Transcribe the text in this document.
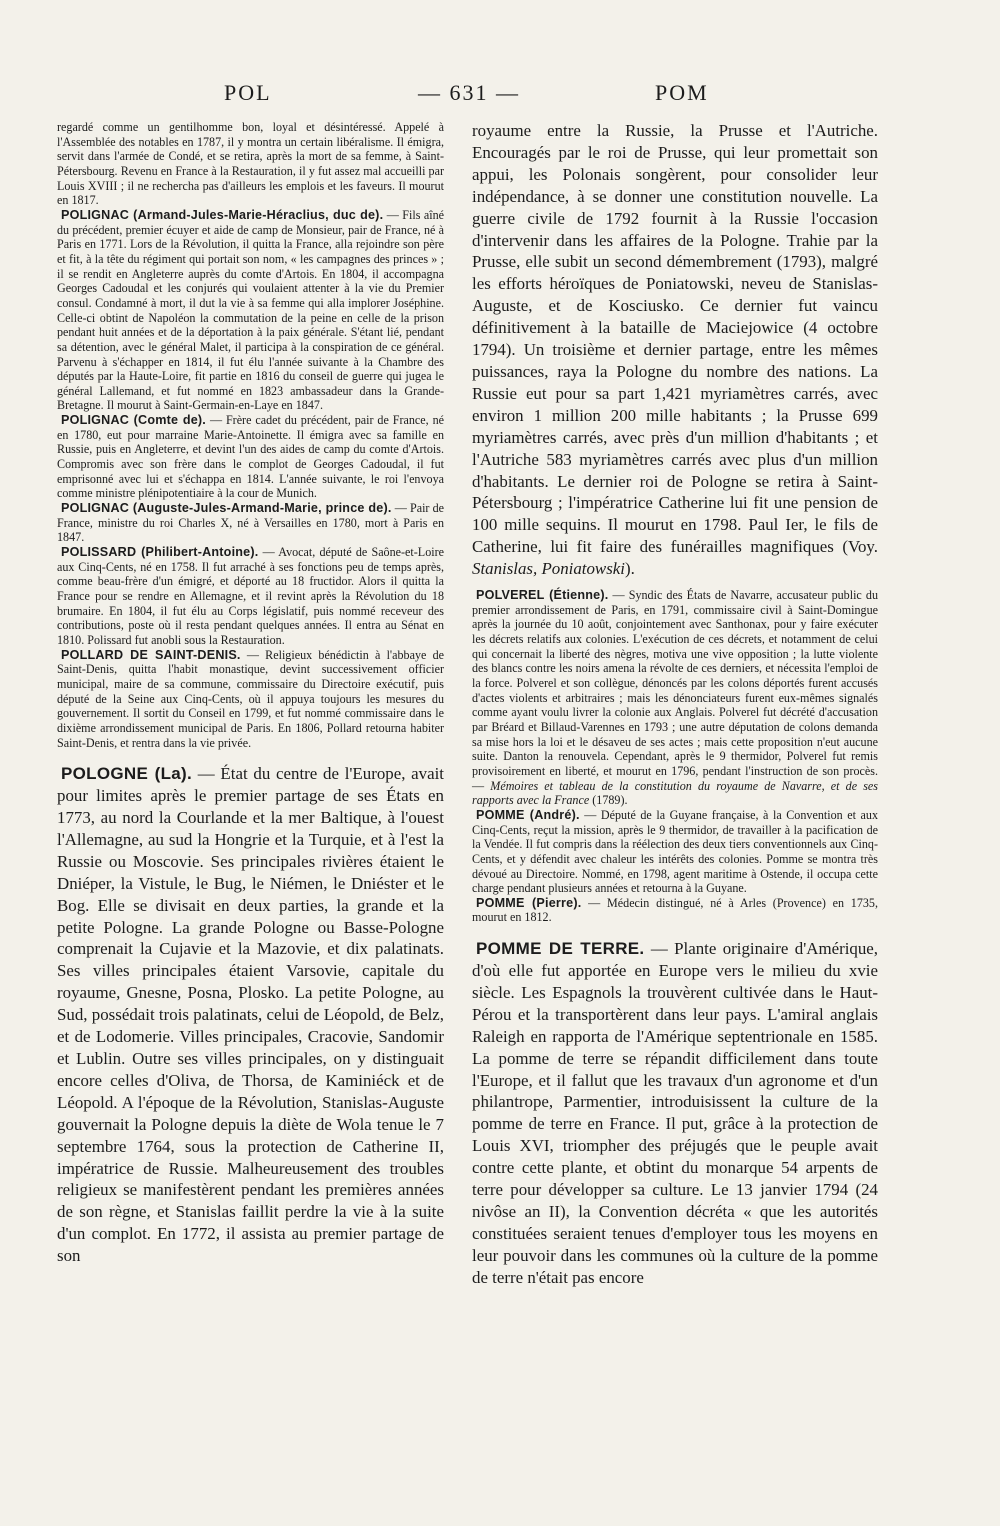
POL	— 631 —	POM

regardé comme un gentilhomme bon, loyal et désintéressé. Appelé à l'Assemblée des notables en 1787, il y montra un certain libéralisme. Il émigra, servit dans l'armée de Condé, et se retira, après la mort de sa femme, à Saint-Pétersbourg. Revenu en France à la Restauration, il y fut assez mal accueilli par Louis XVIII ; il ne rechercha pas d'ailleurs les emplois et les faveurs. Il mourut en 1817.

POLIGNAC (Armand-Jules-Marie-Héraclius, duc de). — Fils aîné du précédent, premier écuyer et aide de camp de Monsieur, pair de France, né à Paris en 1771. Lors de la Révolution, il quitta la France, alla rejoindre son père et fit, à la tête du régiment qui portait son nom, « les campagnes des princes » ; il se rendit en Angleterre auprès du comte d'Artois. En 1804, il accompagna Georges Cadoudal et les conjurés qui voulaient attenter à la vie du Premier consul. Condamné à mort, il dut la vie à sa femme qui alla implorer Joséphine. Celle-ci obtint de Napoléon la commutation de la peine en celle de la prison pendant huit années et de la déportation à la paix générale. S'étant lié, pendant sa détention, avec le général Malet, il participa à la conspiration de ce général. Parvenu à s'échapper en 1814, il fut élu l'année suivante à la Chambre des députés par la Haute-Loire, fit partie en 1816 du conseil de guerre qui jugea le général Lallemand, et fut nommé en 1823 ambassadeur dans la Grande-Bretagne. Il mourut à Saint-Germain-en-Laye en 1847.

POLIGNAC (Comte de). — Frère cadet du précédent, pair de France, né en 1780, eut pour marraine Marie-Antoinette. Il émigra avec sa famille en Russie, puis en Angleterre, et devint l'un des aides de camp du comte d'Artois. Compromis avec son frère dans le complot de Georges Cadoudal, il fut emprisonné avec lui et s'échappa en 1814. L'année suivante, le roi l'envoya comme ministre plénipotentiaire à la cour de Munich.

POLIGNAC (Auguste-Jules-Armand-Marie, prince de). — Pair de France, ministre du roi Charles X, né à Versailles en 1780, mort à Paris en 1847.

POLISSARD (Philibert-Antoine). — Avocat, député de Saône-et-Loire aux Cinq-Cents, né en 1758. Il fut arraché à ses fonctions peu de temps après, comme beau-frère d'un émigré, et déporté au 18 fructidor. Alors il quitta la France pour se rendre en Allemagne, et il revint après la Révolution du 18 brumaire. En 1804, il fut élu au Corps législatif, puis nommé receveur des contributions, poste où il resta pendant quelques années. Il entra au Sénat en 1810. Polissard fut anobli sous la Restauration.

POLLARD DE SAINT-DENIS. — Religieux bénédictin à l'abbaye de Saint-Denis, quitta l'habit monastique, devint successivement officier municipal, maire de sa commune, commissaire du Directoire exécutif, puis député de la Seine aux Cinq-Cents, où il appuya toujours les mesures du gouvernement. Il sortit du Conseil en 1799, et fut nommé commissaire dans le dixième arrondissement municipal de Paris. En 1806, Pollard retourna habiter Saint-Denis, et rentra dans la vie privée.

POLOGNE (La). — État du centre de l'Europe, avait pour limites après le premier partage de ses États en 1773, au nord la Courlande et la mer Baltique, à l'ouest l'Allemagne, au sud la Hongrie et la Turquie, et à l'est la Russie ou Moscovie. Ses principales rivières étaient le Dniéper, la Vistule, le Bug, le Niémen, le Dniéster et le Bog. Elle se divisait en deux parties, la grande et la petite Pologne. La grande Pologne ou Basse-Pologne comprenait la Cujavie et la Mazovie, et dix palatinats. Ses villes principales étaient Varsovie, capitale du royaume, Gnesne, Posna, Plosko. La petite Pologne, au Sud, possédait trois palatinats, celui de Léopold, de Belz, et de Lodomerie. Villes principales, Cracovie, Sandomir et Lublin. Outre ses villes principales, on y distinguait encore celles d'Oliva, de Thorsa, de Kaminiéck et de Léopold. A l'époque de la Révolution, Stanislas-Auguste gouvernait la Pologne depuis la diète de Wola tenue le 7 septembre 1764, sous la protection de Catherine II, impératrice de Russie. Malheureusement des troubles religieux se manifestèrent pendant les premières années de son règne, et Stanislas faillit perdre la vie à la suite d'un complot. En 1772, il assista au premier partage de son

royaume entre la Russie, la Prusse et l'Autriche. Encouragés par le roi de Prusse, qui leur promettait son appui, les Polonais songèrent, pour consolider leur indépendance, à se donner une constitution nouvelle. La guerre civile de 1792 fournit à la Russie l'occasion d'intervenir dans les affaires de la Pologne. Trahie par la Prusse, elle subit un second démembrement (1793), malgré les efforts héroïques de Poniatowski, neveu de Stanislas-Auguste, et de Kosciusko. Ce dernier fut vaincu définitivement à la bataille de Maciejowice (4 octobre 1794). Un troisième et dernier partage, entre les mêmes puissances, raya la Pologne du nombre des nations. La Russie eut pour sa part 1,421 myriamètres carrés, avec environ 1 million 200 mille habitants ; la Prusse 699 myriamètres carrés, avec près d'un million d'habitants ; et l'Autriche 583 myriamètres carrés avec plus d'un million d'habitants. Le dernier roi de Pologne se retira à Saint-Pétersbourg ; l'impératrice Catherine lui fit une pension de 100 mille sequins. Il mourut en 1798. Paul Ier, le fils de Catherine, lui fit faire des funérailles magnifiques (Voy. Stanislas, Poniatowski).

POLVEREL (Étienne). — Syndic des États de Navarre, accusateur public du premier arrondissement de Paris, en 1791, commissaire civil à Saint-Domingue après la journée du 10 août, conjointement avec Santhonax, pour y faire exécuter les décrets relatifs aux colonies. L'exécution de ces décrets, et notamment de celui qui concernait la liberté des nègres, motiva une vive opposition ; la lutte violente des blancs contre les noirs amena la révolte de ces derniers, et nécessita l'emploi de la force. Polverel et son collègue, dénoncés par les colons déportés furent accusés d'actes violents et arbitraires ; mais les dénonciateurs furent eux-mêmes signalés comme ayant voulu livrer la colonie aux Anglais. Polverel fut décrété d'accusation par Bréard et Billaud-Varennes en 1793 ; une autre députation de colons demanda sa mise hors la loi et le désaveu de ses actes ; mais cette proposition n'eut aucune suite. Danton la renouvela. Cependant, après le 9 thermidor, Polverel fut remis provisoirement en liberté, et mourut en 1796, pendant l'instruction de son procès. — Mémoires et tableau de la constitution du royaume de Navarre, et de ses rapports avec la France (1789).

POMME (André). — Député de la Guyane française, à la Convention et aux Cinq-Cents, reçut la mission, après le 9 thermidor, de travailler à la pacification de la Vendée. Il fut compris dans la réélection des deux tiers conventionnels aux Cinq-Cents, et y défendit avec chaleur les intérêts des colonies. Pomme se montra très dévoué au Directoire. Nommé, en 1798, agent maritime à Ostende, il occupa cette charge pendant plusieurs années et retourna à la Guyane.

POMME (Pierre). — Médecin distingué, né à Arles (Provence) en 1735, mourut en 1812.

POMME DE TERRE. — Plante originaire d'Amérique, d'où elle fut apportée en Europe vers le milieu du xvie siècle. Les Espagnols la trouvèrent cultivée dans le Haut-Pérou et la transportèrent dans leur pays. L'amiral anglais Raleigh en rapporta de l'Amérique septentrionale en 1585. La pomme de terre se répandit difficilement dans toute l'Europe, et il fallut que les travaux d'un agronome et d'un philantrope, Parmentier, introduisissent la culture de la pomme de terre en France. Il put, grâce à la protection de Louis XVI, triompher des préjugés que le peuple avait contre cette plante, et obtint du monarque 54 arpents de terre pour développer sa culture. Le 13 janvier 1794 (24 nivôse an II), la Convention décréta « que les autorités constituées seraient tenues d'employer tous les moyens en leur pouvoir dans les communes où la culture de la pomme de terre n'était pas encore
